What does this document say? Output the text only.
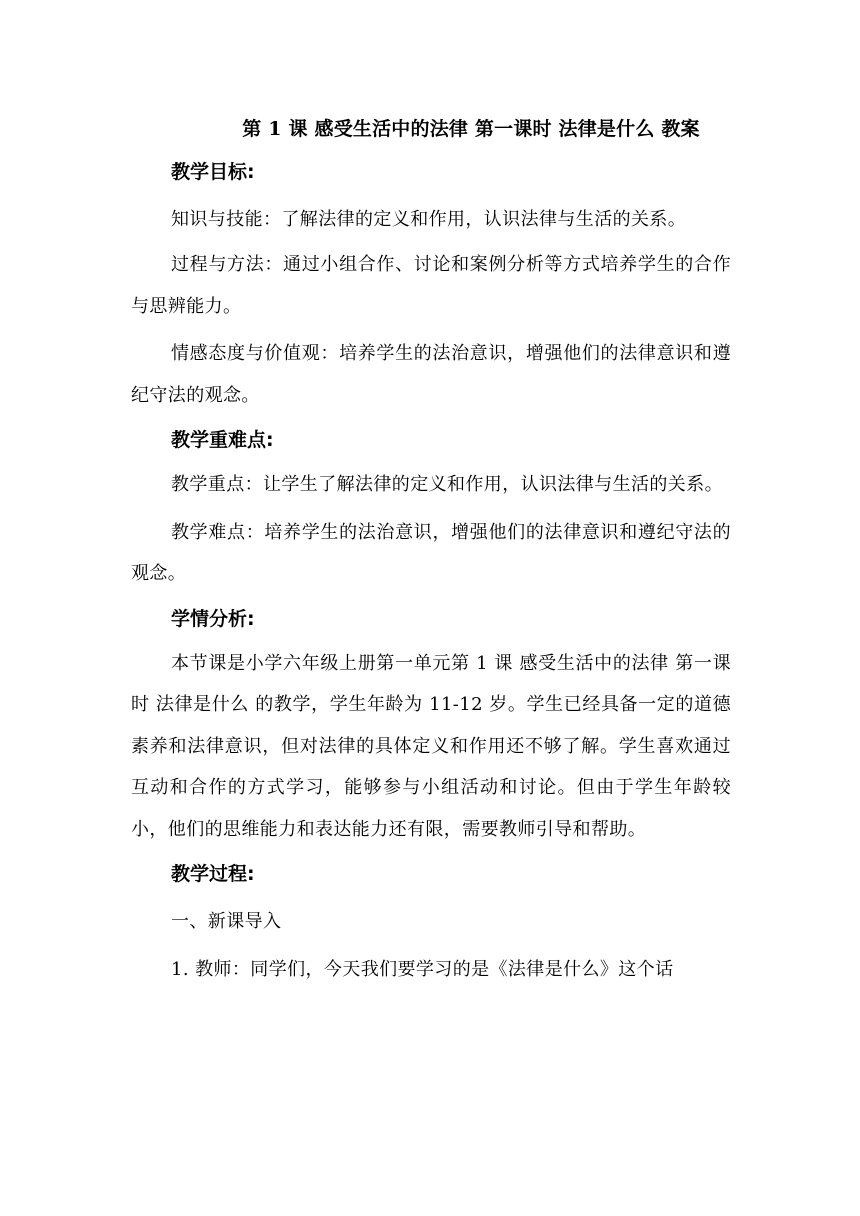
第 1 课 感受生活中的法律 第一课时 法律是什么 教案
教学目标:

知识与技能：了解法律的定义和作用，认识法律与生活的关系。

过程与方法：通过小组合作、讨论和案例分析等方式培养学生的合作与思辨能力。

情感态度与价值观：培养学生的法治意识，增强他们的法律意识和遵纪守法的观念。

教学重难点:

教学重点：让学生了解法律的定义和作用，认识法律与生活的关系。

教学难点：培养学生的法治意识，增强他们的法律意识和遵纪守法的观念。

学情分析:

本节课是小学六年级上册第一单元第 1 课 感受生活中的法律 第一课时 法律是什么 的教学，学生年龄为 11-12 岁。学生已经具备一定的道德素养和法律意识，但对法律的具体定义和作用还不够了解。学生喜欢通过互动和合作的方式学习，能够参与小组活动和讨论。但由于学生年龄较小，他们的思维能力和表达能力还有限，需要教师引导和帮助。

教学过程:

一、新课导入

1. 教师：同学们，今天我们要学习的是《法律是什么》这个话
